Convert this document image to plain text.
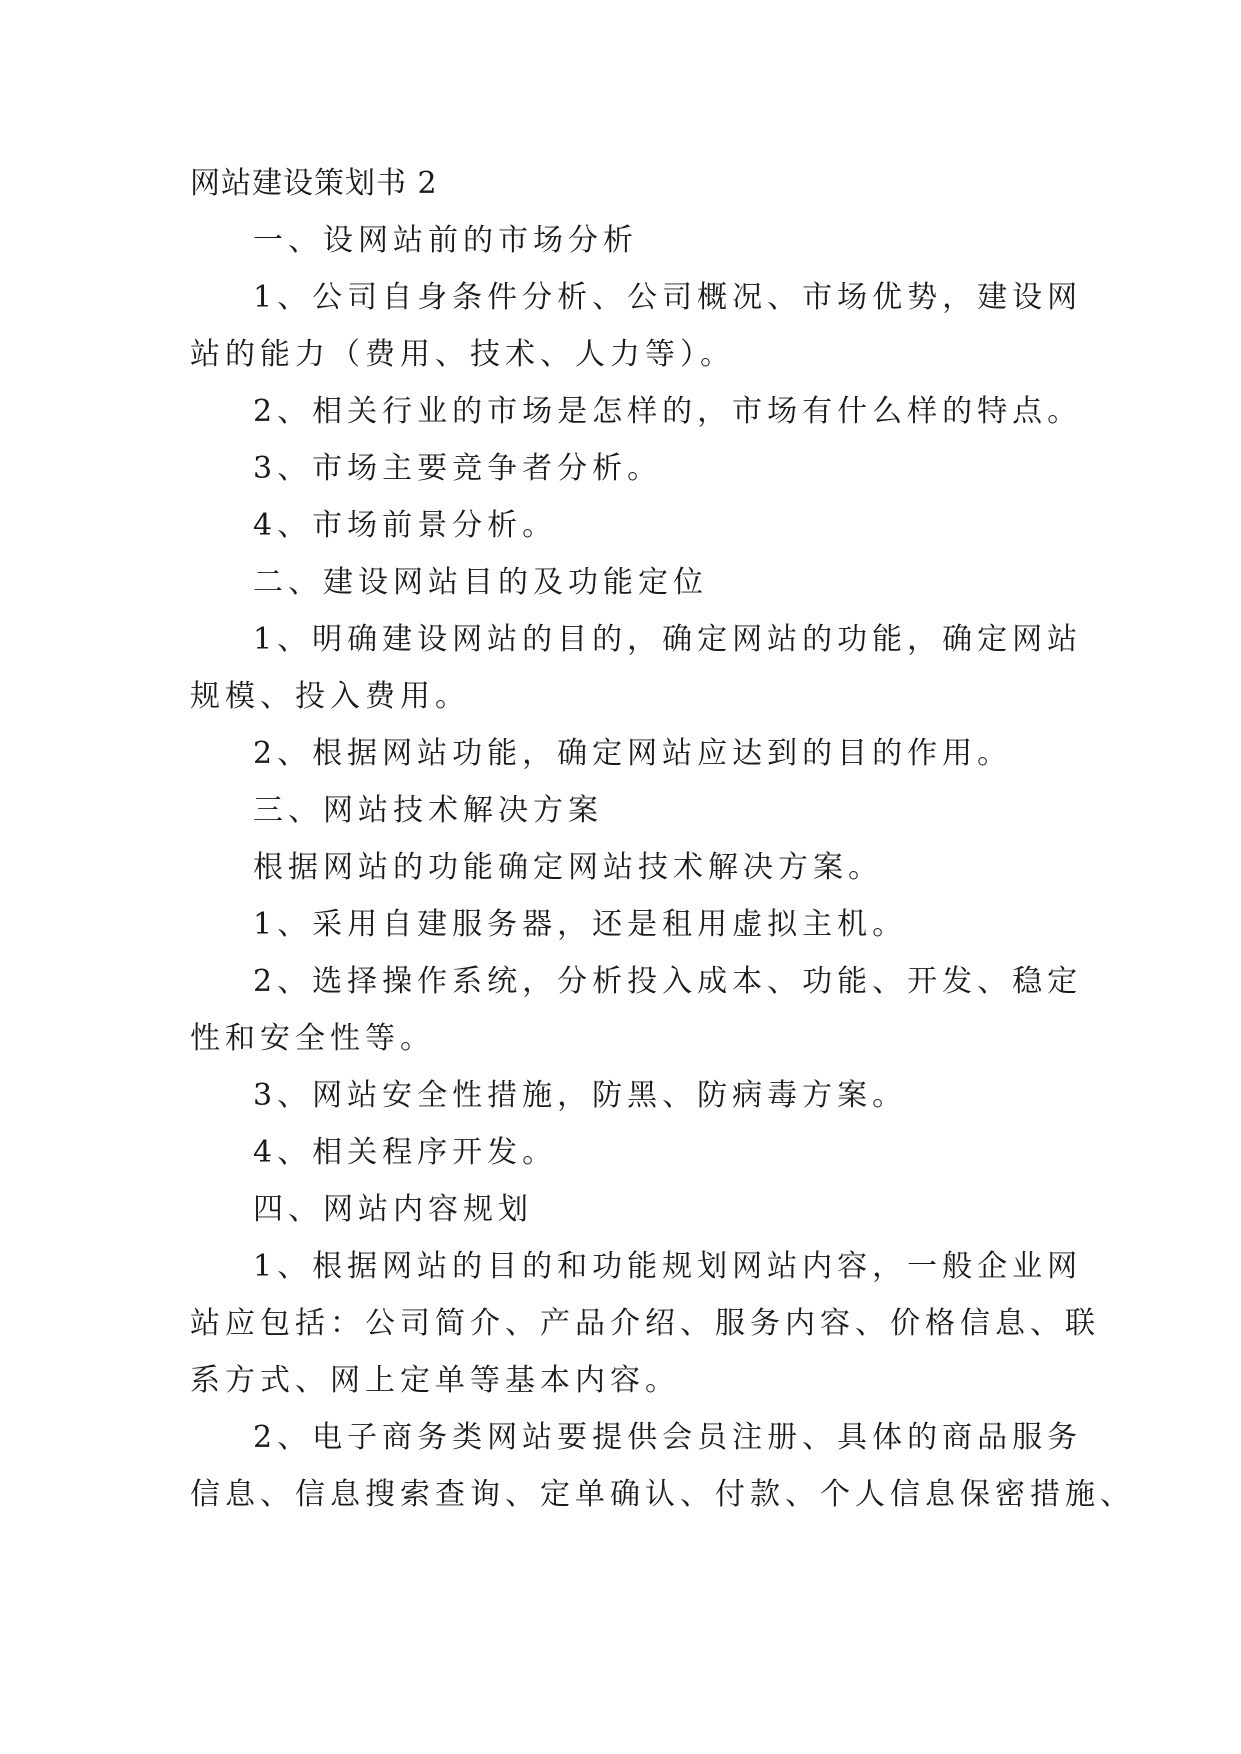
网站建设策划书 2

一、设网站前的市场分析

1、公司自身条件分析、公司概况、市场优势，建设网

站的能力（费用、技术、人力等）。

2、相关行业的市场是怎样的，市场有什么样的特点。

3、市场主要竞争者分析。

4、市场前景分析。

二、建设网站目的及功能定位

1、明确建设网站的目的，确定网站的功能，确定网站

规模、投入费用。

2、根据网站功能，确定网站应达到的目的作用。

三、网站技术解决方案

根据网站的功能确定网站技术解决方案。

1、采用自建服务器，还是租用虚拟主机。

2、选择操作系统，分析投入成本、功能、开发、稳定

性和安全性等。

3、网站安全性措施，防黑、防病毒方案。

4、相关程序开发。

四、网站内容规划

1、根据网站的目的和功能规划网站内容，一般企业网

站应包括：公司简介、产品介绍、服务内容、价格信息、联

系方式、网上定单等基本内容。

2、电子商务类网站要提供会员注册、具体的商品服务

信息、信息搜索查询、定单确认、付款、个人信息保密措施、
